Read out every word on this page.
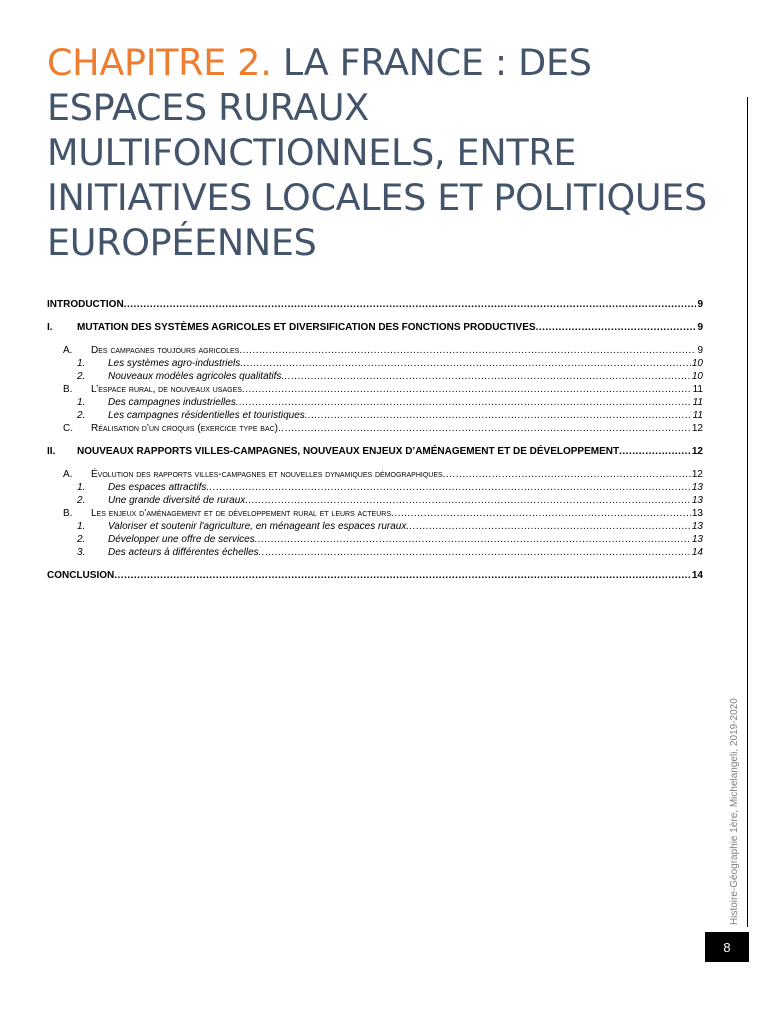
CHAPITRE 2. LA FRANCE : DES ESPACES RURAUX MULTIFONCTIONNELS, ENTRE INITIATIVES LOCALES ET POLITIQUES EUROPÉENNES
INTRODUCTION .....	9
I.	MUTATION DES SYSTÈMES AGRICOLES ET DIVERSIFICATION DES FONCTIONS PRODUCTIVES .....	9
A.	Des campagnes toujours agricoles .....	9
1.	Les systèmes agro-industriels .....	10
2.	Nouveaux modèles agricoles qualitatifs .....	10
B.	L’espace rural, de nouveaux usages .....	11
1.	Des campagnes industrielles .....	11
2.	Les campagnes résidentielles et touristiques .....	11
C.	Réalisation d’un croquis (exercice type bac) .....	12
II.	NOUVEAUX RAPPORTS VILLES-CAMPAGNES, NOUVEAUX ENJEUX D’AMÉNAGEMENT ET DE DÉVELOPPEMENT .....	12
A.	Évolution des rapports villes-campagnes et nouvelles dynamiques démographiques .....	12
1.	Des espaces attractifs .....	13
2.	Une grande diversité de ruraux .....	13
B.	Les enjeux d’aménagement et de développement rural et leurs acteurs .....	13
1.	Valoriser et soutenir l'agriculture, en ménageant les espaces ruraux .....	13
2.	Développer une offre de services .....	13
3.	Des acteurs à différentes échelles .....	14
CONCLUSION .....	14
Histoire-Géographie 1ère, Michelangeli, 2019-2020
8
